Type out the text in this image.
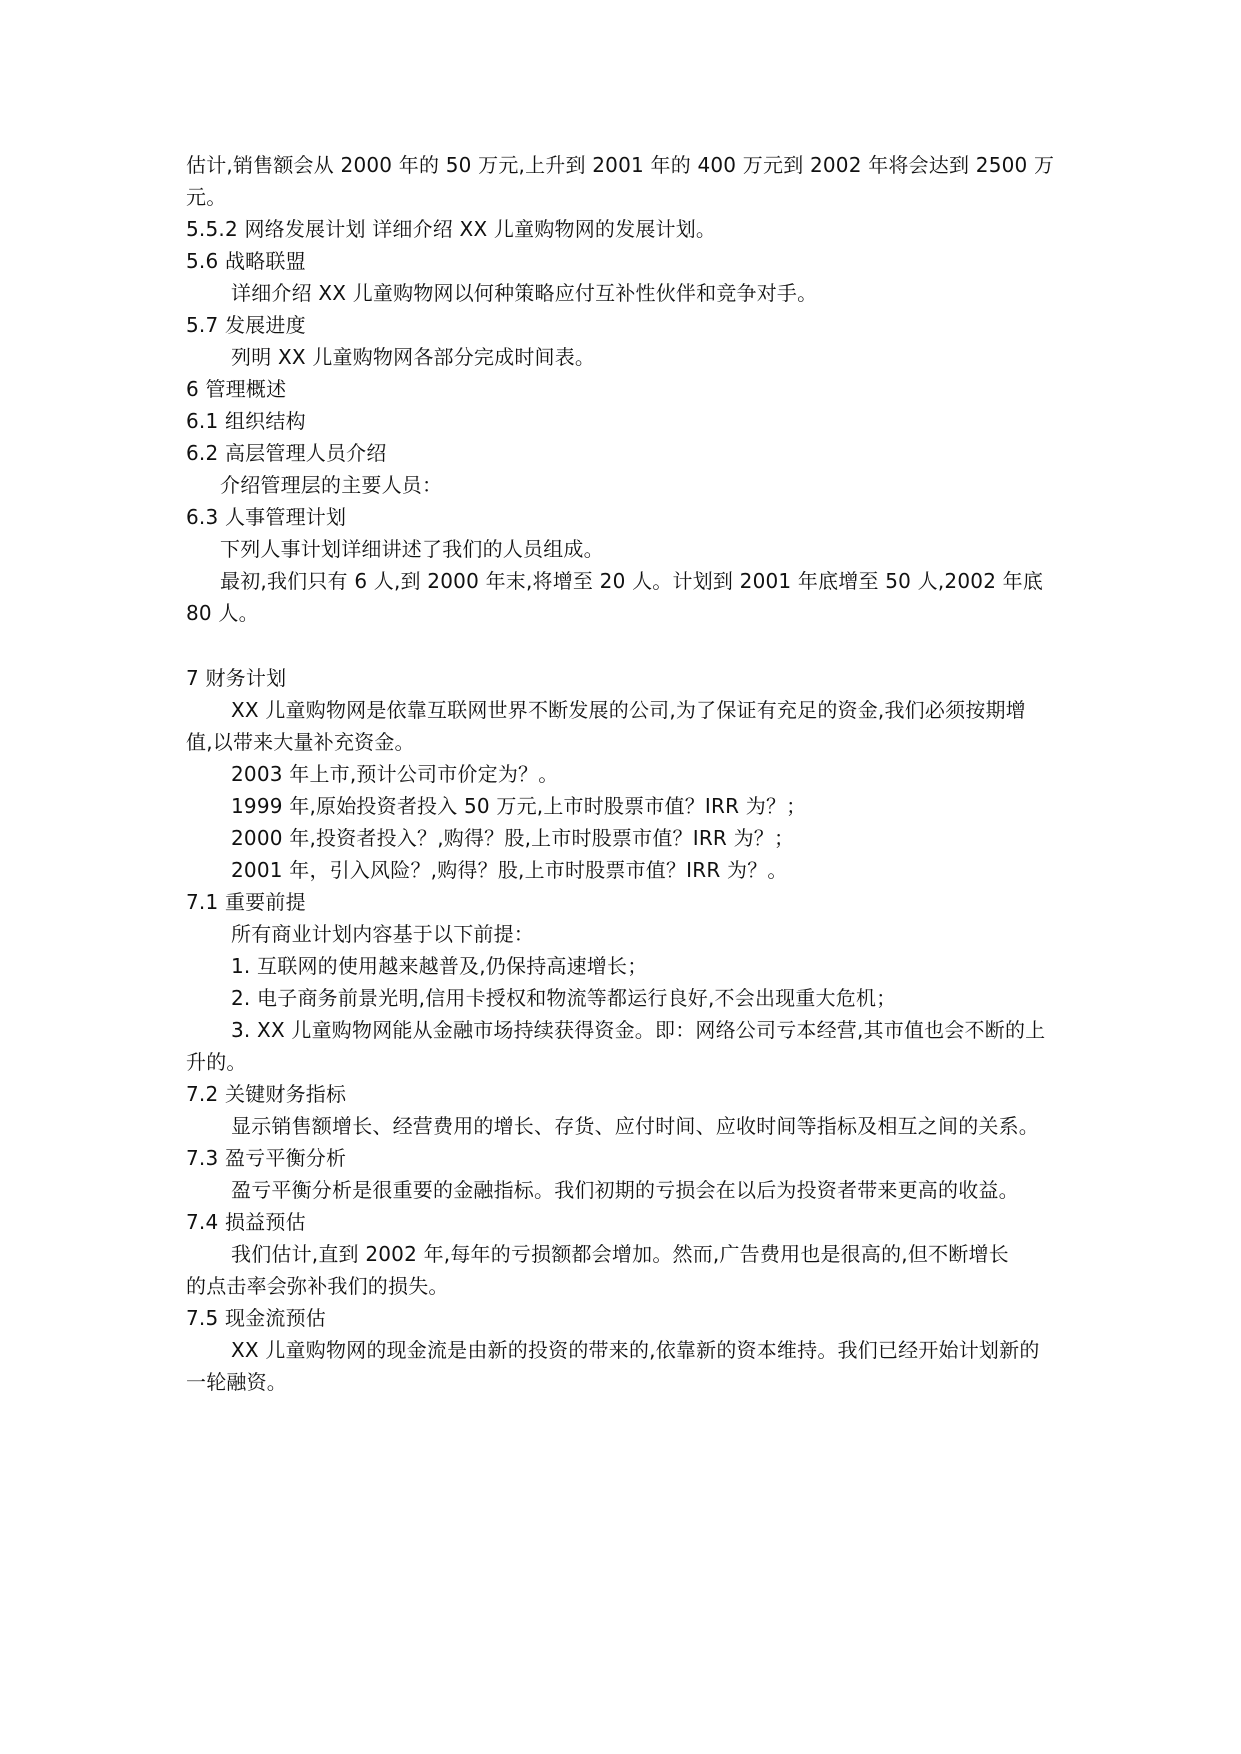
估计,销售额会从 2000 年的 50 万元,上升到 2001 年的 400 万元到 2002 年将会达到 2500 万
元。
5.5.2 网络发展计划 详细介绍 XX 儿童购物网的发展计划。
5.6 战略联盟
详细介绍 XX 儿童购物网以何种策略应付互补性伙伴和竞争对手。
5.7 发展进度
列明 XX 儿童购物网各部分完成时间表。
6 管理概述
6.1 组织结构
6.2 高层管理人员介绍
介绍管理层的主要人员：
6.3 人事管理计划
下列人事计划详细讲述了我们的人员组成。
最初,我们只有 6 人,到 2000 年末,将增至 20 人。计划到 2001 年底增至 50 人,2002 年底
80 人。
7 财务计划
XX 儿童购物网是依靠互联网世界不断发展的公司,为了保证有充足的资金,我们必须按期增
值,以带来大量补充资金。
2003 年上市,预计公司市价定为？。
1999 年,原始投资者投入 50 万元,上市时股票市值？IRR 为？；
2000 年,投资者投入？,购得？股,上市时股票市值？IRR 为？；
2001 年，引入风险？,购得？股,上市时股票市值？IRR 为？。
7.1 重要前提
所有商业计划内容基于以下前提：
1. 互联网的使用越来越普及,仍保持高速增长；
2. 电子商务前景光明,信用卡授权和物流等都运行良好,不会出现重大危机；
3. XX 儿童购物网能从金融市场持续获得资金。即：网络公司亏本经营,其市值也会不断的上
升的。
7.2 关键财务指标
显示销售额增长、经营费用的增长、存货、应付时间、应收时间等指标及相互之间的关系。
7.3 盈亏平衡分析
盈亏平衡分析是很重要的金融指标。我们初期的亏损会在以后为投资者带来更高的收益。
7.4 损益预估
我们估计,直到 2002 年,每年的亏损额都会增加。然而,广告费用也是很高的,但不断增长
的点击率会弥补我们的损失。
7.5 现金流预估
XX 儿童购物网的现金流是由新的投资的带来的,依靠新的资本维持。我们已经开始计划新的
一轮融资。
